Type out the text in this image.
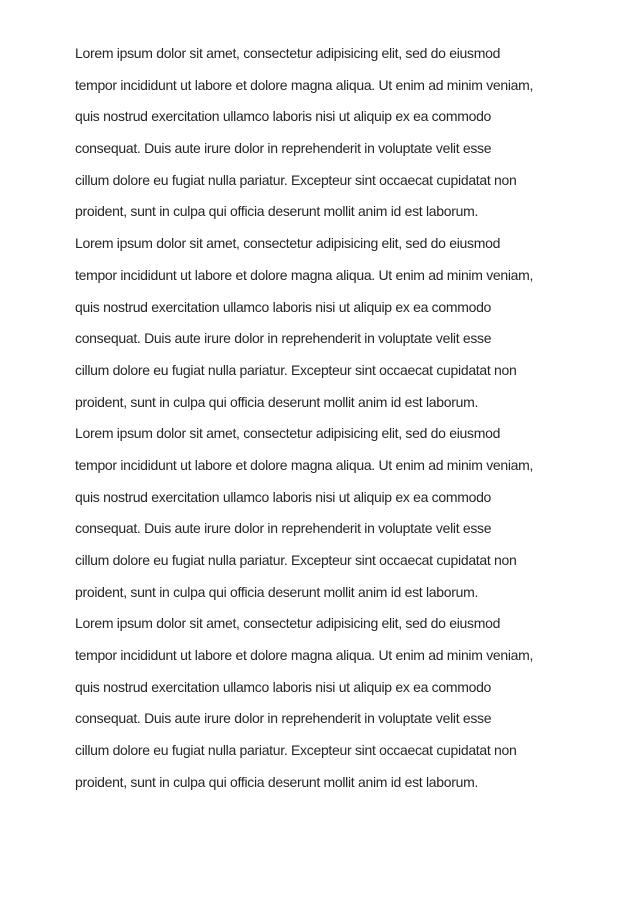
Lorem ipsum dolor sit amet, consectetur adipisicing elit, sed do eiusmod
tempor incididunt ut labore et dolore magna aliqua. Ut enim ad minim veniam,
quis nostrud exercitation ullamco laboris nisi ut aliquip ex ea commodo
consequat. Duis aute irure dolor in reprehenderit in voluptate velit esse
cillum dolore eu fugiat nulla pariatur. Excepteur sint occaecat cupidatat non
proident, sunt in culpa qui officia deserunt mollit anim id est laborum.
Lorem ipsum dolor sit amet, consectetur adipisicing elit, sed do eiusmod
tempor incididunt ut labore et dolore magna aliqua. Ut enim ad minim veniam,
quis nostrud exercitation ullamco laboris nisi ut aliquip ex ea commodo
consequat. Duis aute irure dolor in reprehenderit in voluptate velit esse
cillum dolore eu fugiat nulla pariatur. Excepteur sint occaecat cupidatat non
proident, sunt in culpa qui officia deserunt mollit anim id est laborum.
Lorem ipsum dolor sit amet, consectetur adipisicing elit, sed do eiusmod
tempor incididunt ut labore et dolore magna aliqua. Ut enim ad minim veniam,
quis nostrud exercitation ullamco laboris nisi ut aliquip ex ea commodo
consequat. Duis aute irure dolor in reprehenderit in voluptate velit esse
cillum dolore eu fugiat nulla pariatur. Excepteur sint occaecat cupidatat non
proident, sunt in culpa qui officia deserunt mollit anim id est laborum.
Lorem ipsum dolor sit amet, consectetur adipisicing elit, sed do eiusmod
tempor incididunt ut labore et dolore magna aliqua. Ut enim ad minim veniam,
quis nostrud exercitation ullamco laboris nisi ut aliquip ex ea commodo
consequat. Duis aute irure dolor in reprehenderit in voluptate velit esse
cillum dolore eu fugiat nulla pariatur. Excepteur sint occaecat cupidatat non
proident, sunt in culpa qui officia deserunt mollit anim id est laborum.
